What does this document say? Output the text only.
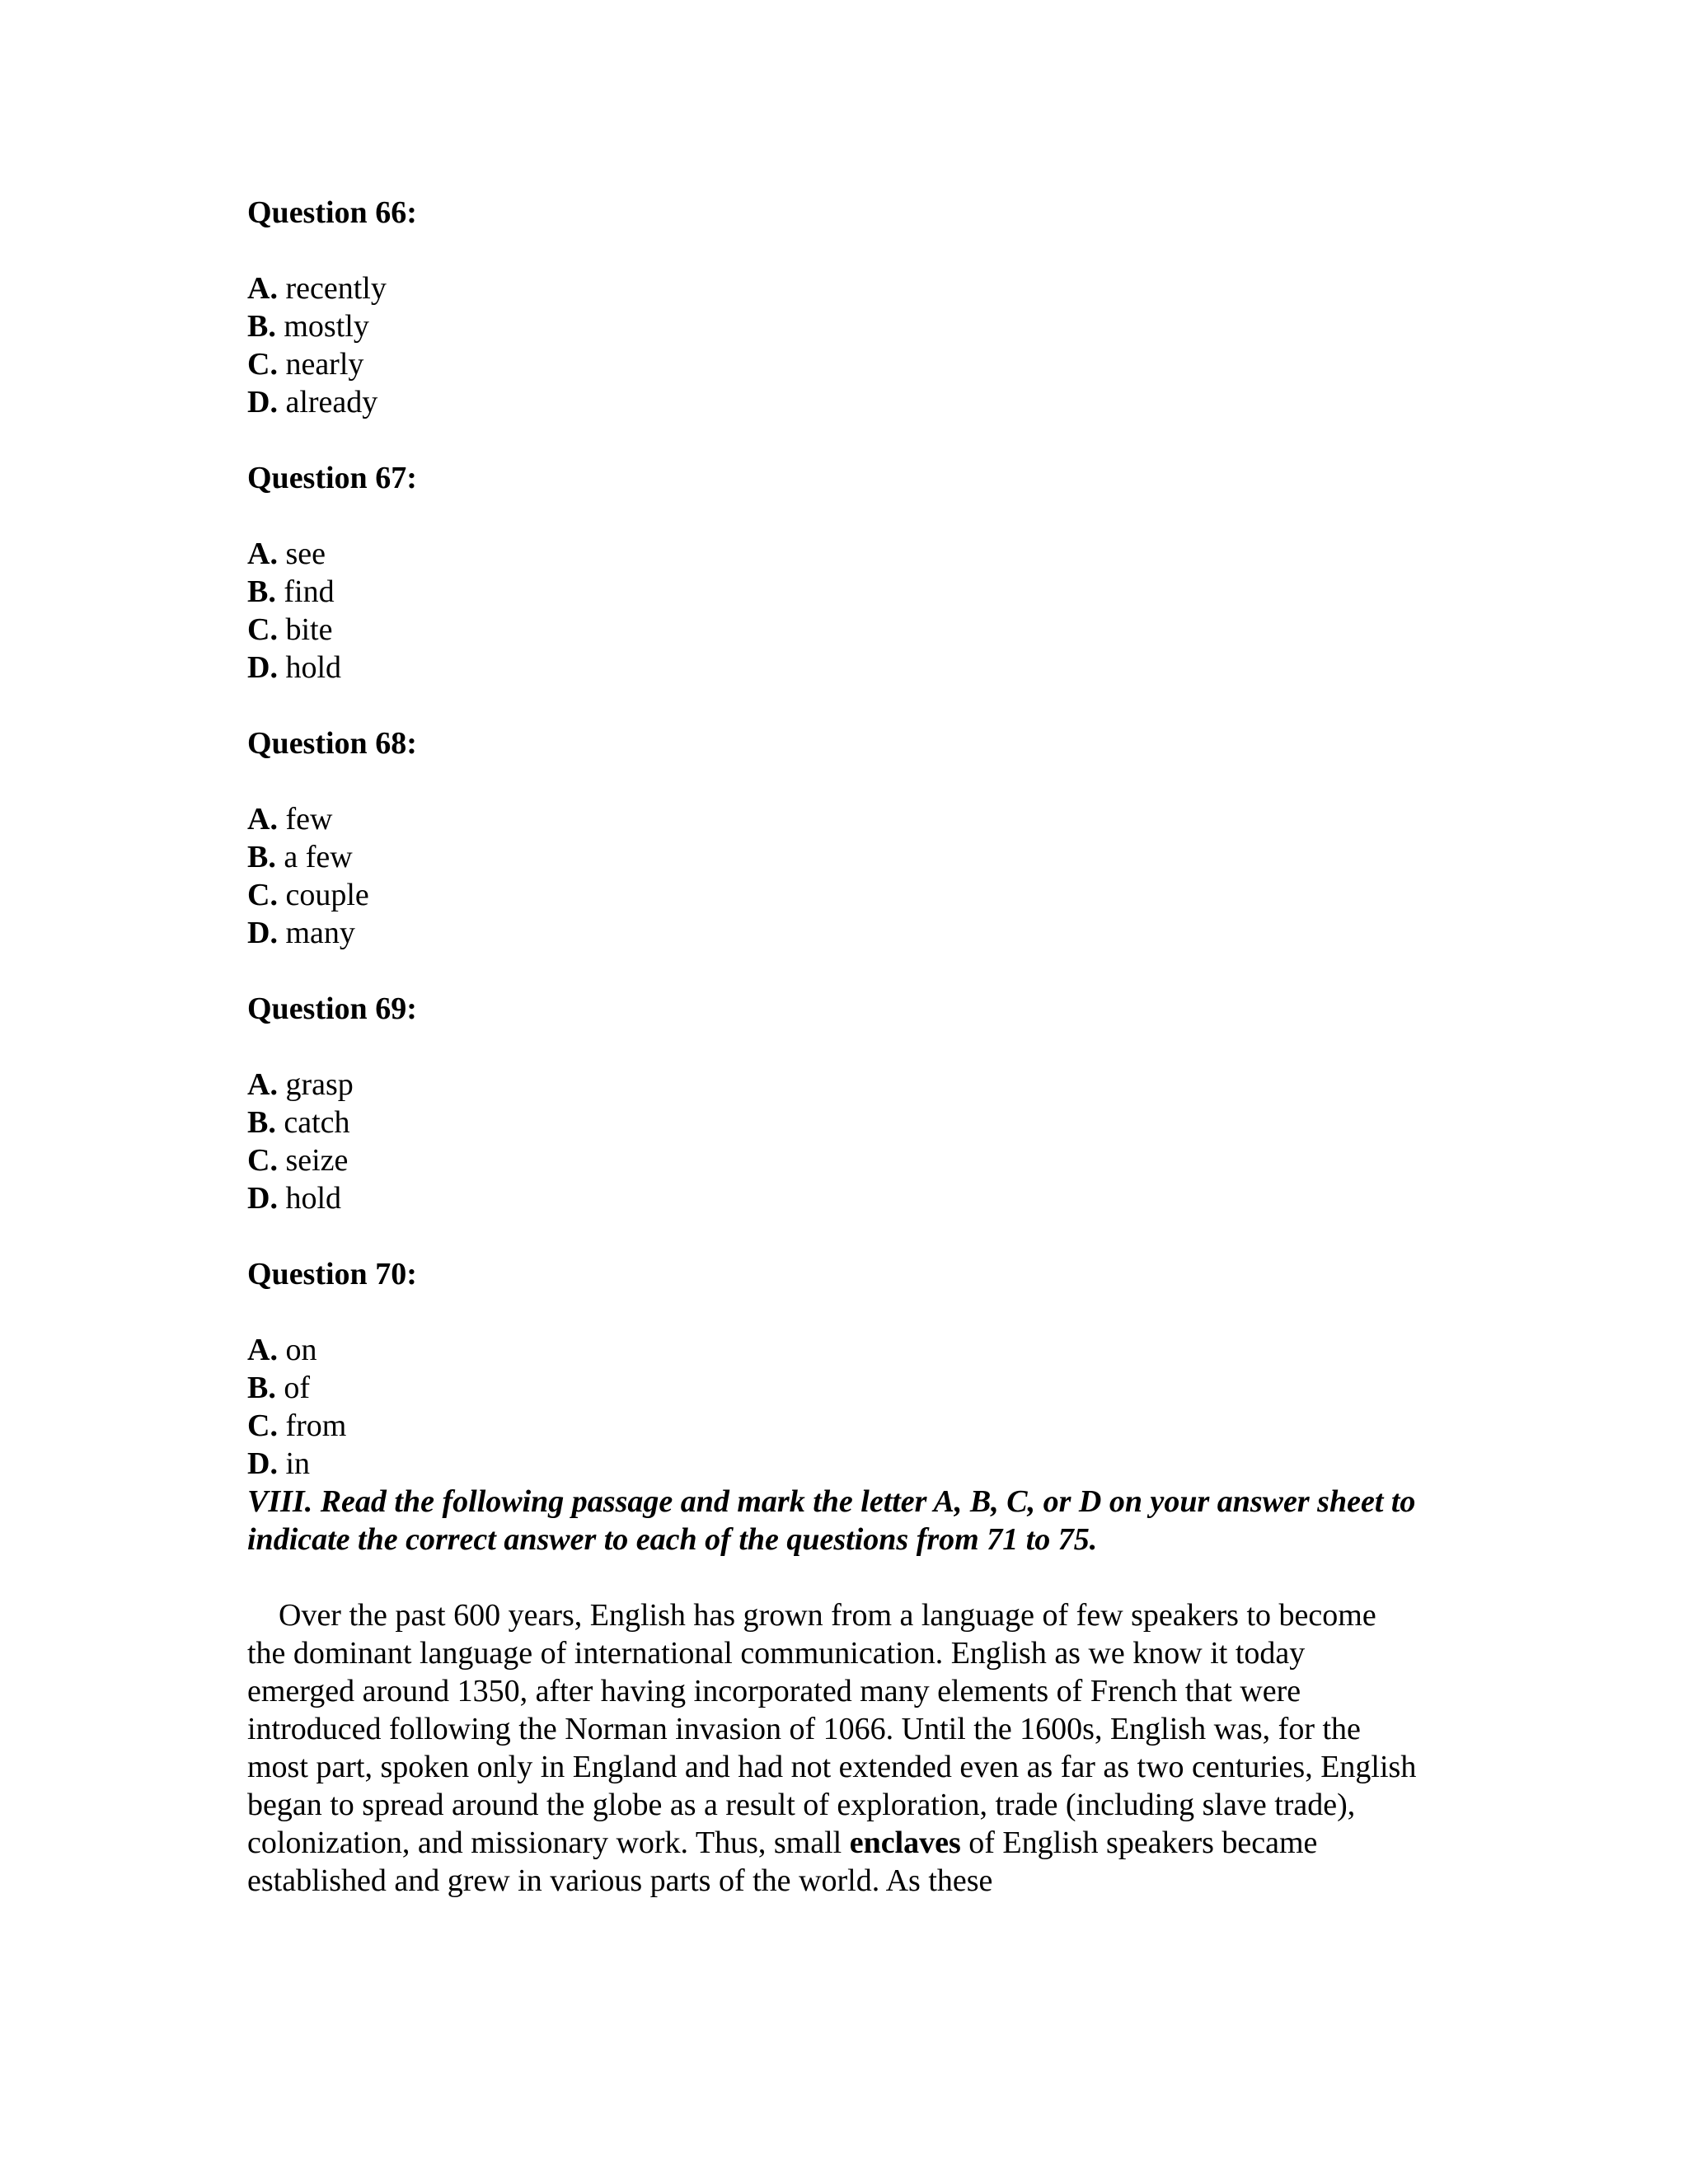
Question 66:

A. recently

B. mostly

C. nearly

D. already

Question 67:

A. see

B. find

C. bite

D. hold

Question 68:

A. few

B. a few

C. couple

D. many

Question 69:

A. grasp

B. catch

C. seize

D. hold

Question 70:

A. on

B. of

C. from

D. in

VIII. Read the following passage and mark the letter A, B, C, or D on your answer sheet to indicate the correct answer to each of the questions from 71 to 75.

Over the past 600 years, English has grown from a language of few speakers to become the dominant language of international communication. English as we know it today emerged around 1350, after having incorporated many elements of French that were introduced following the Norman invasion of 1066. Until the 1600s, English was, for the most part, spoken only in England and had not extended even as far as two centuries, English began to spread around the globe as a result of exploration, trade (including slave trade), colonization, and missionary work. Thus, small enclaves of English speakers became established and grew in various parts of the world. As these
